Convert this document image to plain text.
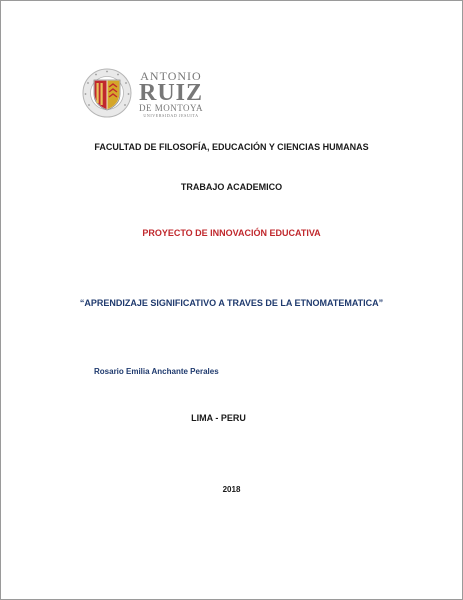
ANTONIO
RUIZ
DE MONTOYA
UNIVERSIDAD JESUITA
FACULTAD DE FILOSOFÍA, EDUCACIÓN Y CIENCIAS HUMANAS
TRABAJO ACADEMICO
PROYECTO DE INNOVACIÓN EDUCATIVA
“APRENDIZAJE SIGNIFICATIVO A TRAVES DE LA ETNOMATEMATICA”
Rosario Emilia Anchante Perales
LIMA - PERU
2018
